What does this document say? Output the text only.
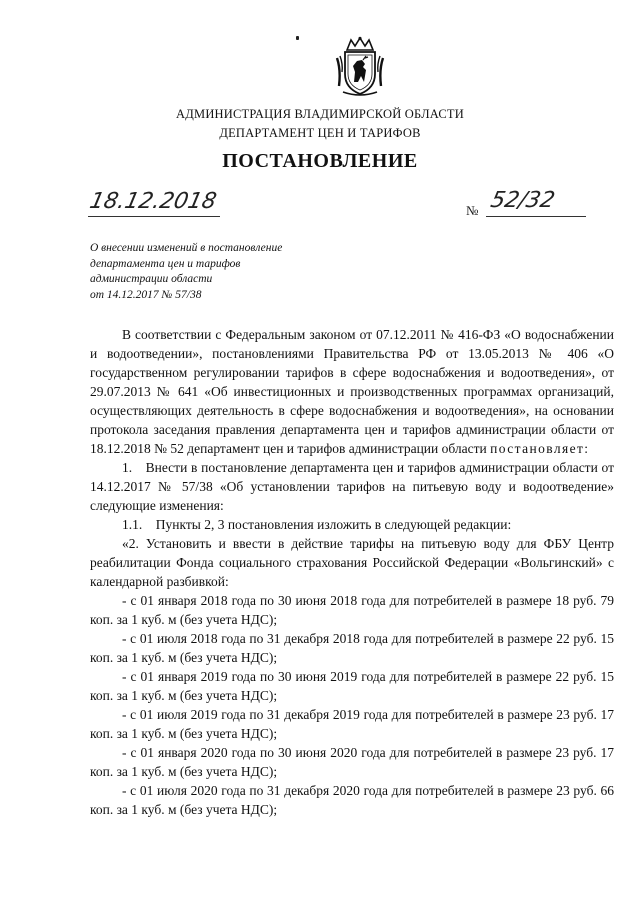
АДМИНИСТРАЦИЯ ВЛАДИМИРСКОЙ ОБЛАСТИ
ДЕПАРТАМЕНТ ЦЕН И ТАРИФОВ
ПОСТАНОВЛЕНИЕ
18.12.2018	№ 52/32
О внесении изменений в постановление
департамента цен и тарифов
администрации области
от 14.12.2017 № 57/38

В соответствии с Федеральным законом от 07.12.2011 № 416-ФЗ «О водоснабжении и водоотведении», постановлениями Правительства РФ от 13.05.2013 № 406 «О государственном регулировании тарифов в сфере водоснабжения и водоотведения», от 29.07.2013 № 641 «Об инвестиционных и производственных программах организаций, осуществляющих деятельность в сфере водоснабжения и водоотведения», на основании протокола заседания правления департамента цен и тарифов администрации области от 18.12.2018 № 52 департамент цен и тарифов администрации области постановляет:

1. Внести в постановление департамента цен и тарифов администрации области от 14.12.2017 № 57/38 «Об установлении тарифов на питьевую воду и водоотведение» следующие изменения:

1.1. Пункты 2, 3 постановления изложить в следующей редакции:

«2. Установить и ввести в действие тарифы на питьевую воду для ФБУ Центр реабилитации Фонда социального страхования Российской Федерации «Вольгинский» с календарной разбивкой:

- с 01 января 2018 года по 30 июня 2018 года для потребителей в размере 18 руб. 79 коп. за 1 куб. м (без учета НДС);

- с 01 июля 2018 года по 31 декабря 2018 года для потребителей в размере 22 руб. 15 коп. за 1 куб. м (без учета НДС);

- с 01 января 2019 года по 30 июня 2019 года для потребителей в размере 22 руб. 15 коп. за 1 куб. м (без учета НДС);

- с 01 июля 2019 года по 31 декабря 2019 года для потребителей в размере 23 руб. 17 коп. за 1 куб. м (без учета НДС);

- с 01 января 2020 года по 30 июня 2020 года для потребителей в размере 23 руб. 17 коп. за 1 куб. м (без учета НДС);

- с 01 июля 2020 года по 31 декабря 2020 года для потребителей в размере 23 руб. 66 коп. за 1 куб. м (без учета НДС);
